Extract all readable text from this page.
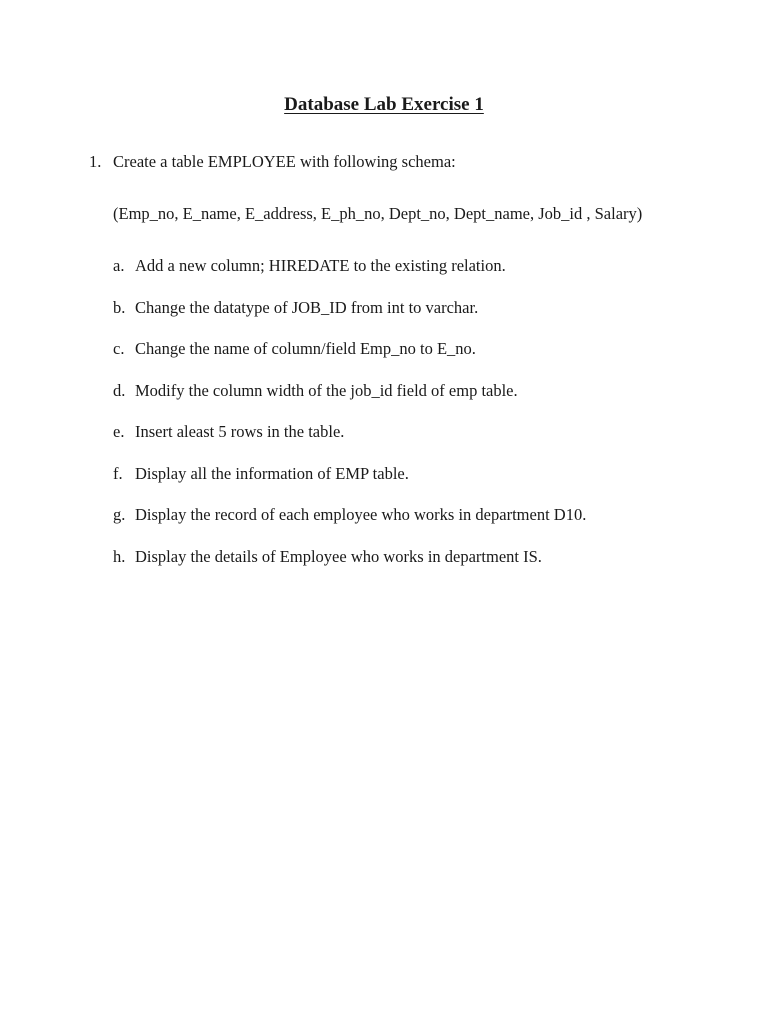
Database Lab Exercise 1
1. Create a table EMPLOYEE with following schema:
(Emp_no, E_name, E_address, E_ph_no, Dept_no, Dept_name, Job_id , Salary)
a. Add a new column; HIREDATE to the existing relation.
b. Change the datatype of JOB_ID from int to varchar.
c. Change the name of column/field Emp_no to E_no.
d. Modify the column width of the job_id field of emp table.
e. Insert aleast 5 rows in the table.
f. Display all the information of EMP table.
g. Display the record of each employee who works in department D10.
h. Display the details of Employee who works in department IS.
